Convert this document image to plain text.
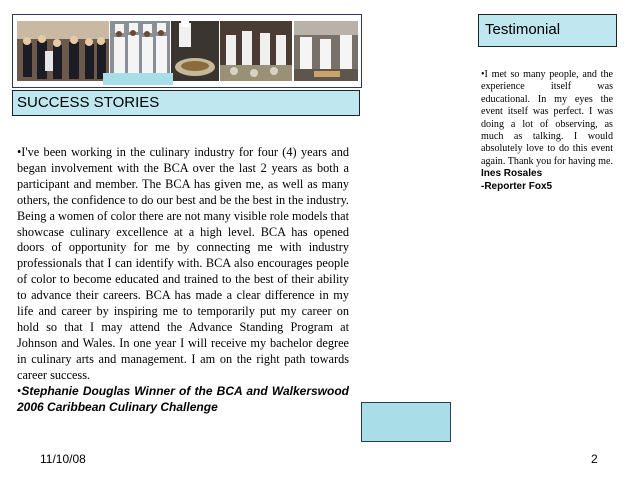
SUCCESS STORIES
•I've been working in the culinary industry for four (4) years and began involvement with the BCA over the last 2 years as both a participant and member. The BCA has given me, as well as many others, the confidence to do our best and be the best in the industry. Being a women of color there are not many visible role models that showcase culinary excellence at a high level. BCA has opened doors of opportunity for me by connecting me with industry professionals that I can identify with. BCA also encourages people of color to become educated and trained to the best of their ability to advance their careers. BCA has made a clear difference in my life and career by inspiring me to temporarily put my career on hold so that I may attend the Advance Standing Program at Johnson and Wales. In one year I will receive my bachelor degree in culinary arts and management. I am on the right path towards career success.
•Stephanie Douglas Winner of the BCA and Walkerswood 2006 Caribbean Culinary Challenge
Testimonial
•I met so many people, and the experience itself was educational. In my eyes the event itself was perfect. I was doing a lot of observing, as much as talking. I would absolutely love to do this event again. Thank you for having me. Ines Rosales
-Reporter Fox5
11/10/08	2
